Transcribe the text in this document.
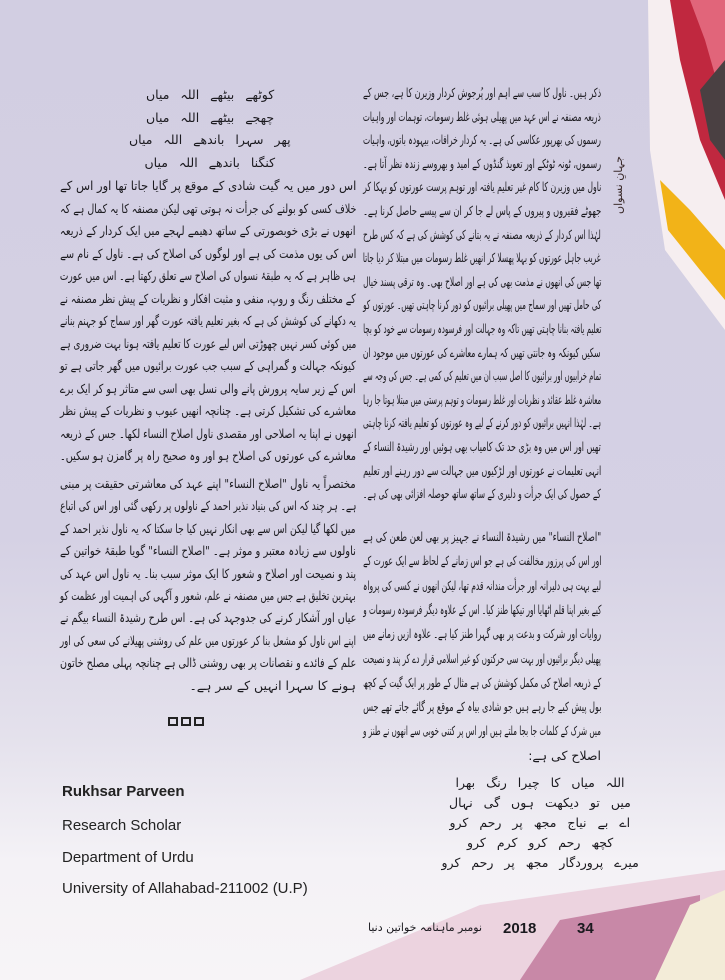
جہانِ نسواں
ذکر ہیں۔ ناول کا سب سے اہم اور پُرجوش کردار وزیرن کا ہے، جس کے
ذریعہ مصنفہ نے اس عہد میں پھیلی ہوئی غلط رسومات، توہمات اور واہیات
رسموں کی بھرپور عکاسی کی ہے۔ یہ کردار خرافات، بیہودہ باتوں، واہیات
رسموں، ٹونہ ٹوٹکے اور تعویذ گنڈوں کے امید و بھروسے زندہ نظر آتا ہے۔
ناول میں وزیرن کا کام غیر تعلیم یافتہ اور توہم پرست عورتوں کو بہکا کر
جھوٹے فقیروں و پیروں کے پاس لے جا کر ان سے پیسے حاصل کرنا ہے۔
لہٰذا اس کردار کے ذریعہ مصنفہ نے یہ بتانے کی کوشش کی ہے کہ کس طرح
غریب جاہل عورتوں کو بہلا پھسلا کر انھیں غلط رسومات میں مبتلا کر دیا جاتا
تھا جس کی انھوں نے مذمت بھی کی ہے اور اصلاح بھی۔ وہ ترقی پسند خیال
کی حامل تھیں اور سماج میں پھیلی برائیوں کو دور کرنا چاہتی تھیں۔ عورتوں کو
تعلیم یافتہ بنانا چاہتی تھیں تاکہ وہ جہالت اور فرسودہ رسومات سے خود کو بچا
سکیں کیونکہ وہ جانتی تھیں کہ ہمارے معاشرے کی عورتوں میں موجود ان
تمام خرابیوں اور برائیوں کا اصل سبب ان میں تعلیم کی کمی ہے۔ جس کی وجہ سے
معاشرہ غلط عقائد و نظریات اور غلط رسومات و توہم پرستی میں مبتلا ہوتا جا رہا
ہے۔ لہٰذا انہیں برائیوں کو دور کرنے کے لیے وہ عورتوں کو تعلیم یافتہ کرنا چاہتی
تھیں اور اس میں وہ بڑی حد تک کامیاب بھی ہوئیں اور رشیدۃ النساء کے
انہی تعلیمات نے عورتوں اور لڑکیوں میں جہالت سے دور رہنے اور تعلیم
کے حصول کی ایک جرأت و دلیری کے ساتھ ساتھ حوصلہ افزائی بھی کی ہے۔
"اصلاح النساء" میں رشیدۃ النساء نے جہیز پر بھی لعن طعن کی ہے
اور اس کی پرزور مخالفت کی ہے جو اس زمانے کے لحاظ سے ایک عورت کے
لیے بہت ہی دلیرانہ اور جرأت مندانہ قدم تھا، لیکن انھوں نے کسی کی پرواہ
کیے بغیر اپنا قلم اٹھایا اور تیکھا طنز کیا۔ اس کے علاوہ دیگر فرسودہ رسومات و
روایات اور شرکت و بدعت پر بھی گہرا طنز کیا ہے۔ علاوہ ازیں زمانے میں
پھیلی دیگر برائیوں اور بہت سی حرکتوں کو غیر اسلامی قرار دے کر پند و نصیحت
کے ذریعہ اصلاح کی مکمل کوشش کی ہے مثال کے طور پر ایک گیت کے کچھ
بول پیش کیے جا رہے ہیں جو شادی بیاہ کے موقع پر گائے جاتے تھے جس
میں شرک کے کلمات جا بجا ملتے ہیں اور اس پر کتنی خوبی سے انھوں نے طنز و
اصلاح کی ہے:
اس دور میں یہ گیت شادی کے موقع پر گایا جاتا تھا اور اس کے
خلاف کسی کو بولنے کی جرأت نہ ہوتی تھی لیکن مصنفہ کا یہ کمال ہے کہ
انھوں نے بڑی خوبصورتی کے ساتھ دھیمے لہجے میں ایک کردار کے ذریعہ
اس کی یوں مذمت کی ہے اور لوگوں کی اصلاح کی ہے۔ ناول کے نام سے
ہی ظاہر ہے کہ یہ طبقۂ نسواں کی اصلاح سے تعلق رکھتا ہے۔ اس میں عورت
کے مختلف رنگ و روپ، منفی و مثبت افکار و نظریات کے پیش نظر مصنفہ نے
یہ دکھانے کی کوشش کی ہے کہ بغیر تعلیم یافتہ عورت گھر اور سماج کو جہنم بنانے
میں کوئی کسر نہیں چھوڑتی اس لیے عورت کا تعلیم یافتہ ہونا بہت ضروری ہے
کیونکہ جہالت و گمراہی کے سبب جب عورت برائیوں میں گھر جاتی ہے تو
اس کے زیر سایہ پرورش پانے والی نسل بھی اسی سے متاثر ہو کر ایک برے
معاشرے کی تشکیل کرتی ہے۔ چنانچہ انھیں عیوب و نظریات کے پیش نظر
انھوں نے اپنا یہ اصلاحی اور مقصدی ناول اصلاح النساء لکھا۔ جس کے ذریعہ
معاشرے کی عورتوں کی اصلاح ہو اور وہ صحیح راہ پر گامزن ہو سکیں۔
مختصراً یہ ناول "اصلاح النساء" اپنے عہد کی معاشرتی حقیقت پر مبنی
ہے۔ ہر چند کہ اس کی بنیاد نذیر احمد کے ناولوں پر رکھی گئی اور اس کی اتباع
میں لکھا گیا لیکن اس سے بھی انکار نہیں کیا جا سکتا کہ یہ ناول نذیر احمد کے
ناولوں سے زیادہ معتبر و موثر ہے۔ "اصلاح النساء" گویا طبقۂ خواتین کے
پند و نصیحت اور اصلاح و شعور کا ایک موثر سبب بنا۔ یہ ناول اس عہد کی
بہترین تخلیق ہے جس میں مصنفہ نے علم، شعور و آگہی کی اہمیت اور عظمت کو
عیاں اور آشکار کرنے کی جدوجہد کی ہے۔ اس طرح رشیدۃ النساء بیگم نے
اپنے اس ناول کو مشعل بنا کر عورتوں میں علم کی روشنی پھیلانے کی سعی کی اور
علم کے فائدے و نقصانات پر بھی روشنی ڈالی ہے چنانچہ پہلی مصلح خاتون
ہونے کا سہرا انہیں کے سر ہے۔
Rukhsar Parveen
Research Scholar
Department of Urdu
University of Allahabad-211002 (U.P)
34
2018
نومبر
ماہنامہ خواتین دنیا
اللہ میاں کا چیرا رنگ بھرا
میں تو دیکھت ہوں گی نہال
اے بے نیاج مجھ پر رحم کرو
کچھ رحم کرو کرم کرو
میرے پروردگار مجھ پر رحم کرو
کوٹھے بیٹھے اللہ میاں
چھجے بیٹھے اللہ میاں
پھر سہرا باندھے اللہ میاں
کنگنا باندھے اللہ میاں
